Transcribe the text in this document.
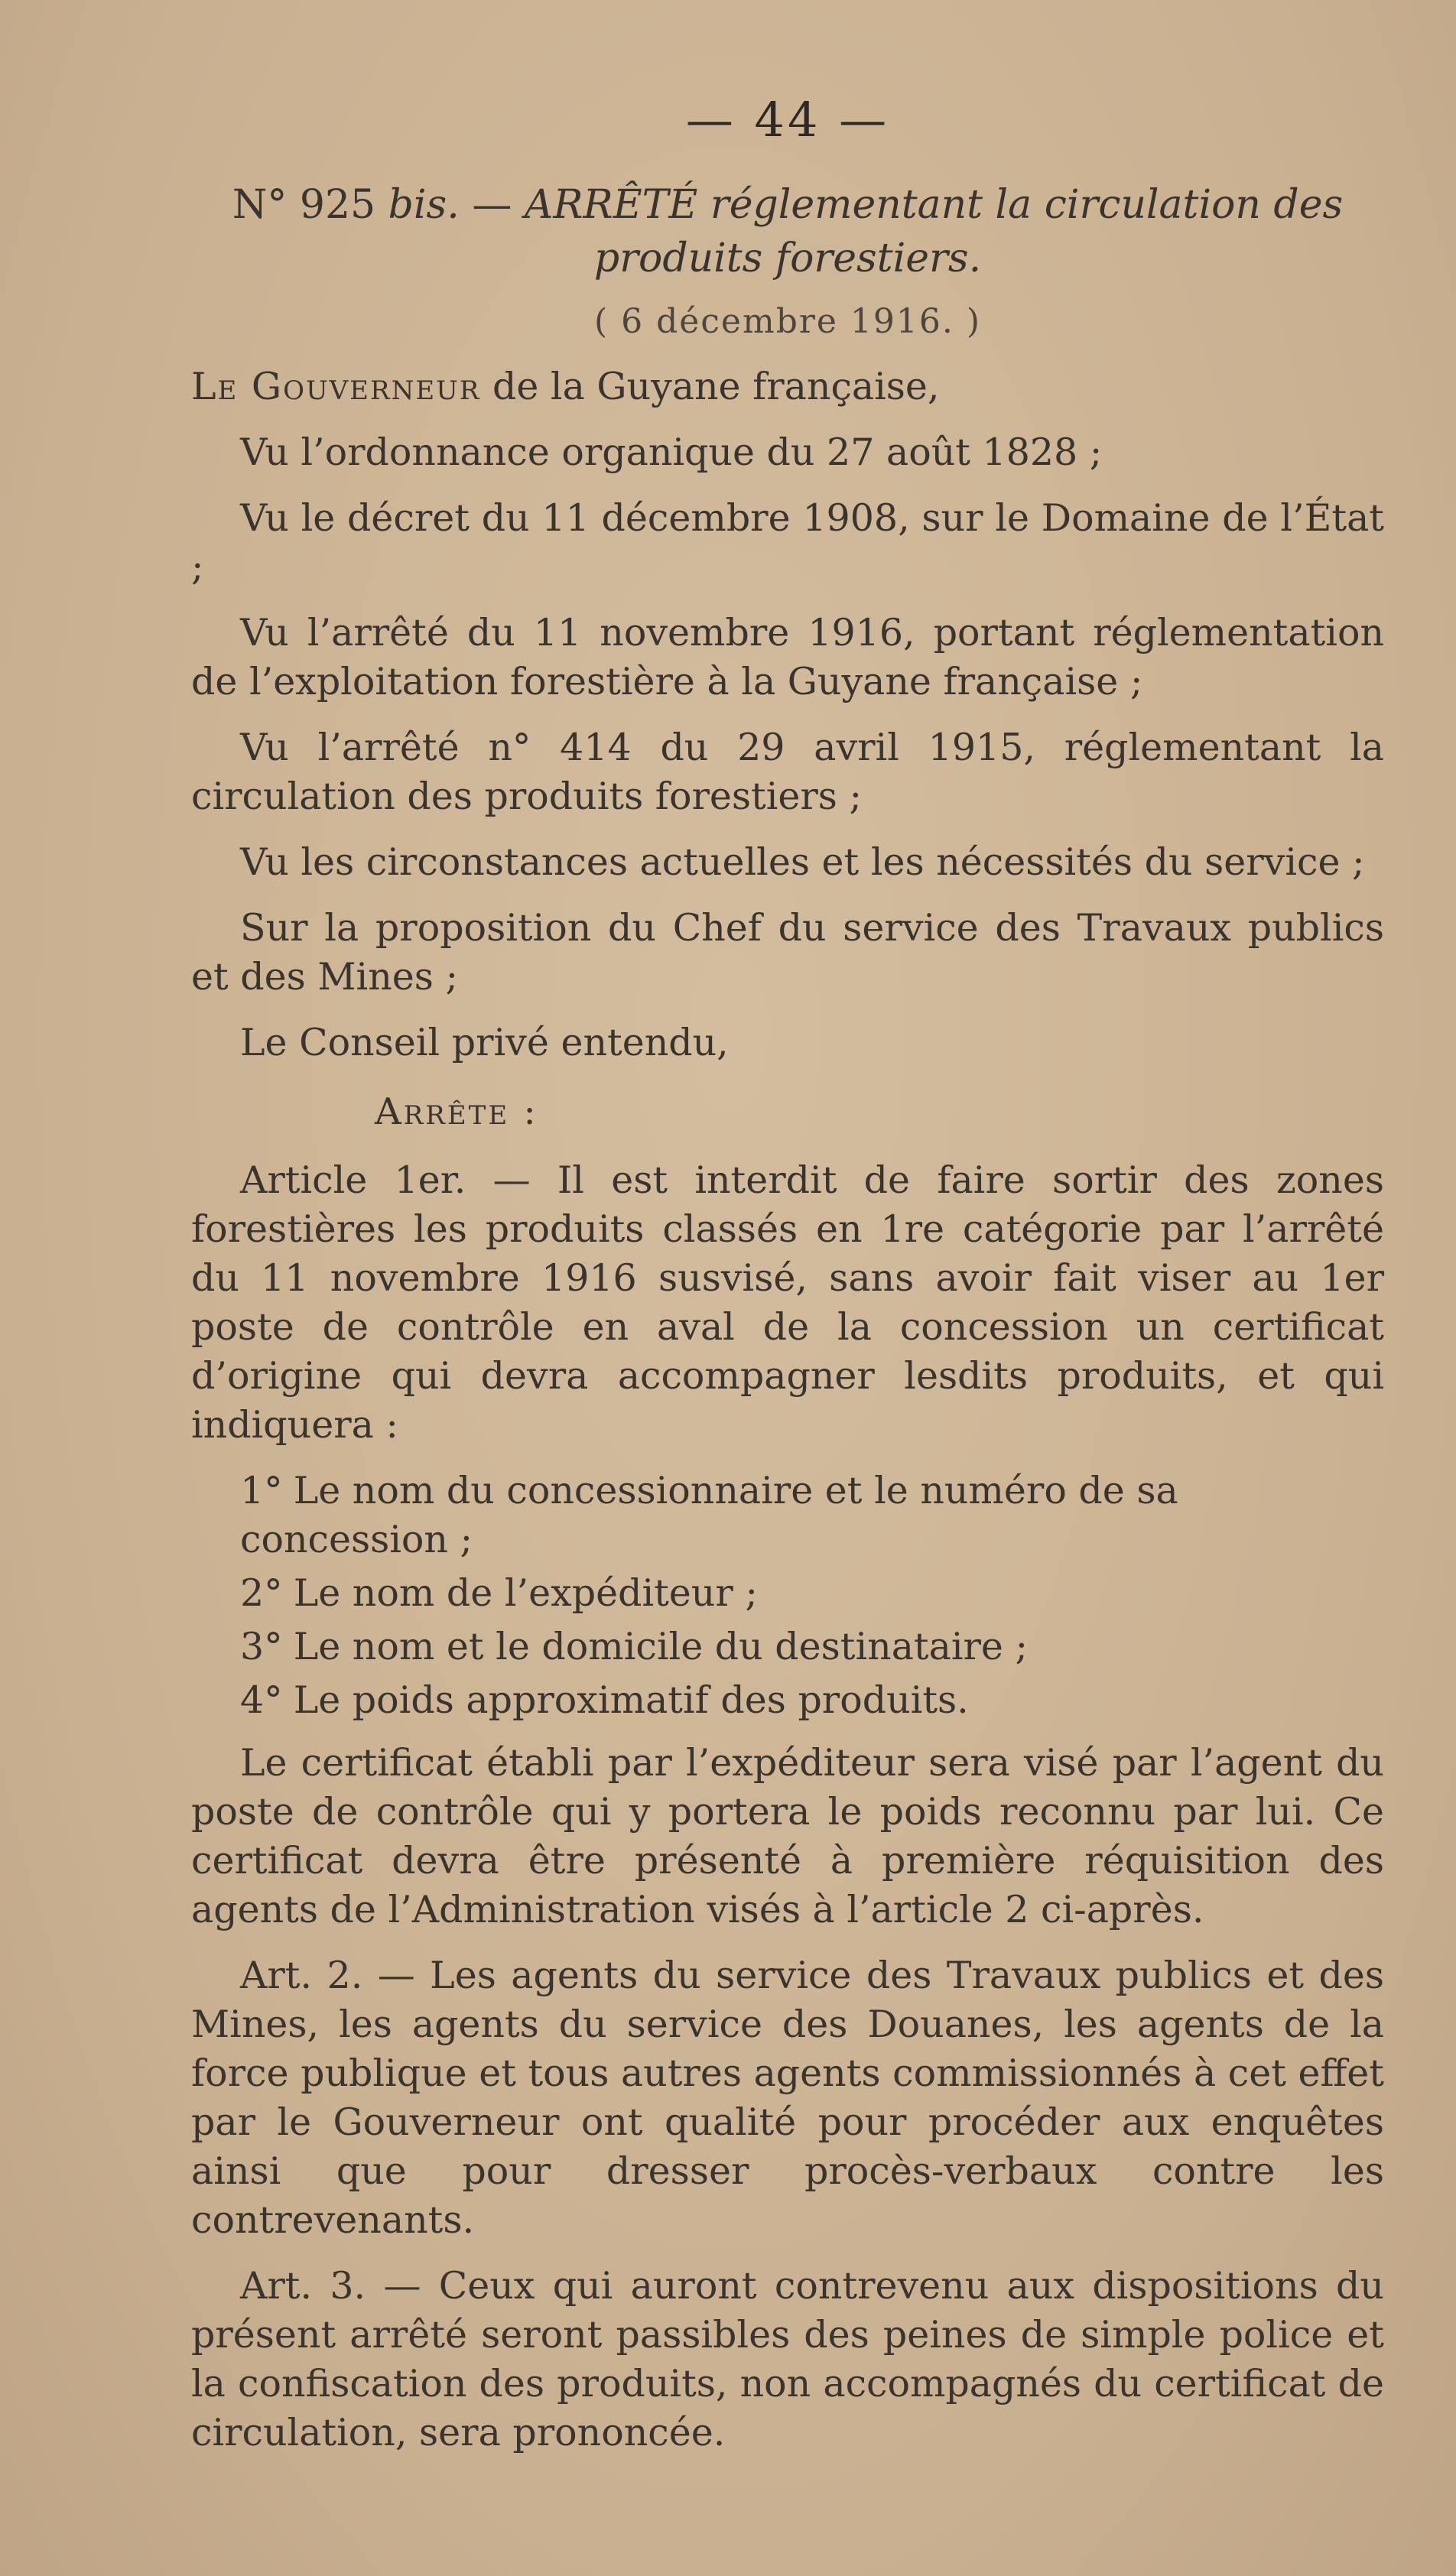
— 44 —
N° 925 bis. — ARRÊTÉ réglementant la circulation des produits forestiers.
( 6 décembre 1916. )

Le Gouverneur de la Guyane française,

Vu l’ordonnance organique du 27 août 1828 ;

Vu le décret du 11 décembre 1908, sur le Domaine de l’État ;

Vu l’arrêté du 11 novembre 1916, portant réglementation de l’exploitation forestière à la Guyane française ;

Vu l’arrêté n° 414 du 29 avril 1915, réglementant la circulation des produits forestiers ;

Vu les circonstances actuelles et les nécessités du service ;

Sur la proposition du Chef du service des Travaux publics et des Mines ;

Le Conseil privé entendu,

Arrête :

Article 1er. — Il est interdit de faire sortir des zones forestières les produits classés en 1re catégorie par l’arrêté du 11 novembre 1916 susvisé, sans avoir fait viser au 1er poste de contrôle en aval de la concession un certificat d’origine qui devra accompagner lesdits produits, et qui indiquera :

1° Le nom du concessionnaire et le numéro de sa concession ;
2° Le nom de l’expéditeur ;
3° Le nom et le domicile du destinataire ;
4° Le poids approximatif des produits.

Le certificat établi par l’expéditeur sera visé par l’agent du poste de contrôle qui y portera le poids reconnu par lui. Ce certificat devra être présenté à première réquisition des agents de l’Administration visés à l’article 2 ci-après.

Art. 2. — Les agents du service des Travaux publics et des Mines, les agents du service des Douanes, les agents de la force publique et tous autres agents commissionnés à cet effet par le Gouverneur ont qualité pour procéder aux enquêtes ainsi que pour dresser procès-verbaux contre les contrevenants.

Art. 3. — Ceux qui auront contrevenu aux dispositions du présent arrêté seront passibles des peines de simple police et la confiscation des produits, non accompagnés du certificat de circulation, sera prononcée.
